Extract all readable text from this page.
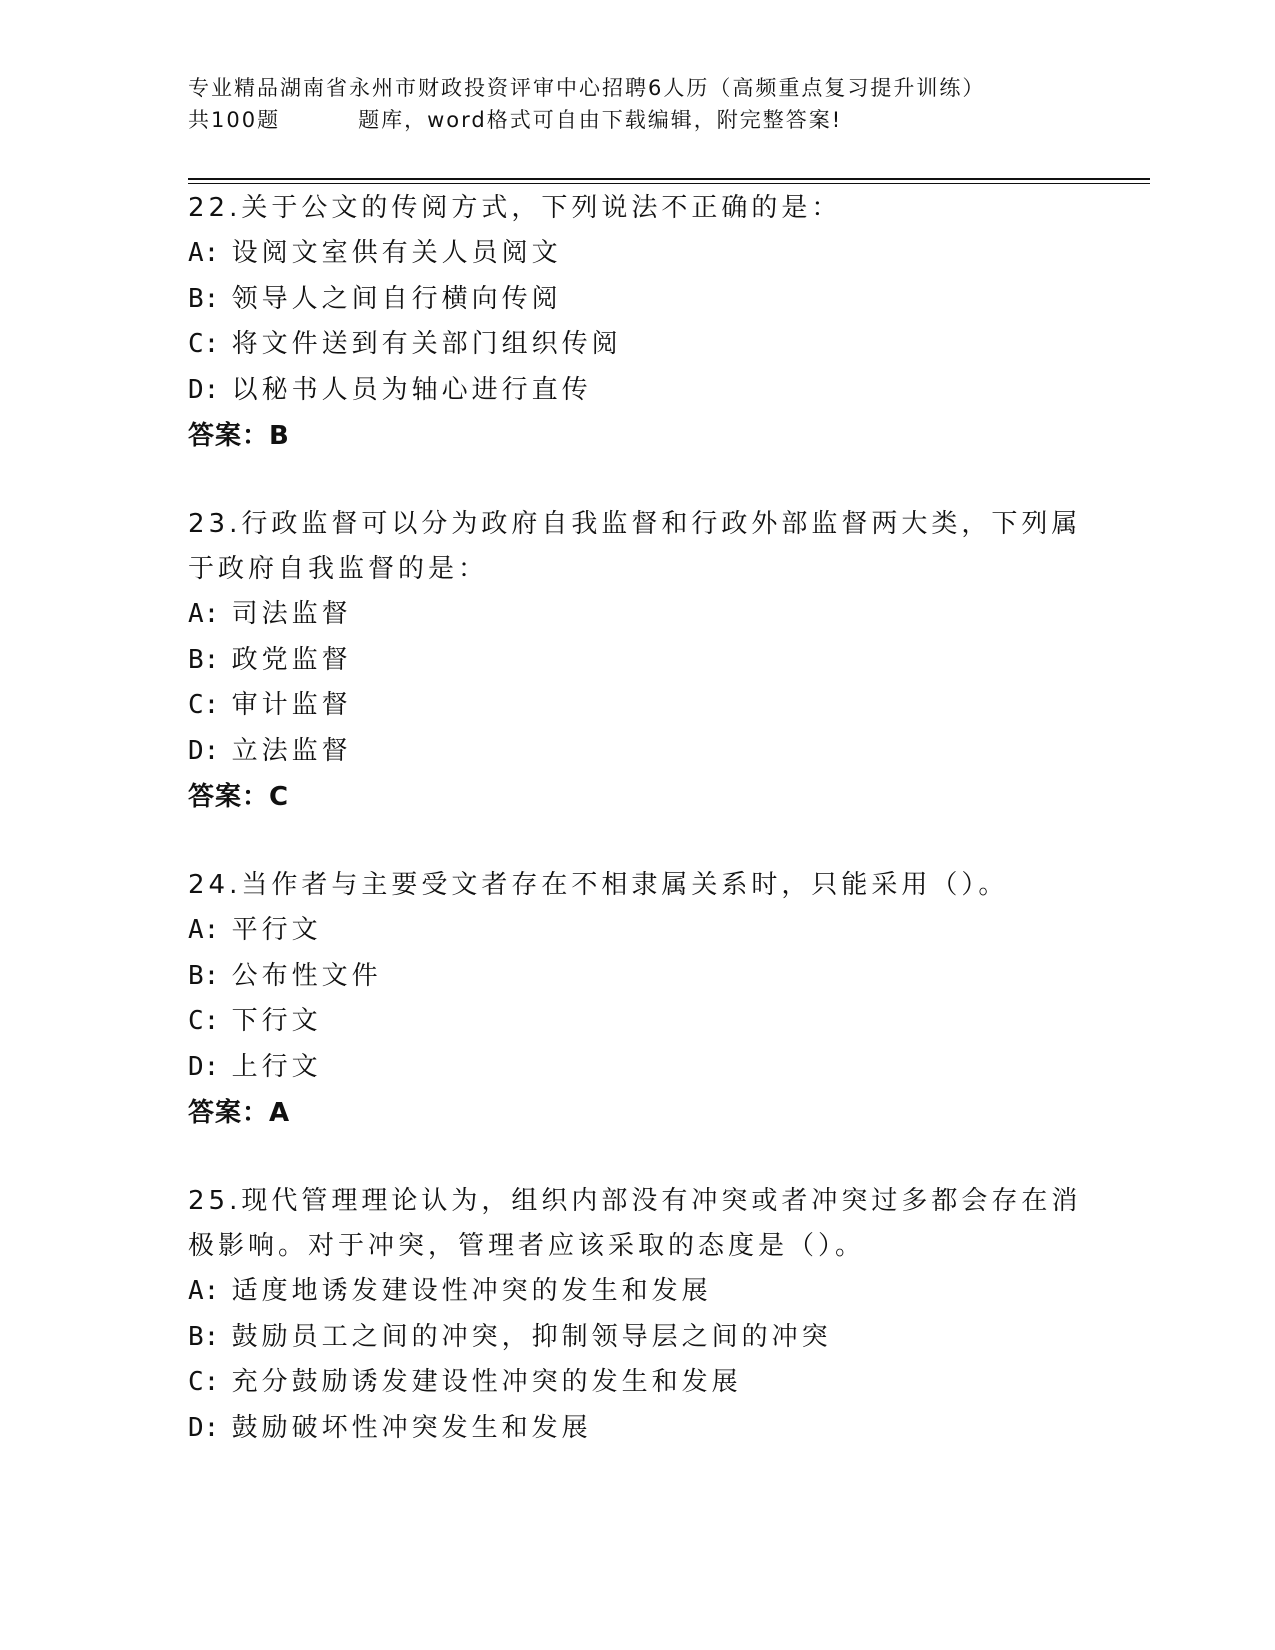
专业精品湖南省永州市财政投资评审中心招聘6人历（高频重点复习提升训练）
共100题	题库，word格式可自由下载编辑，附完整答案!
22.关于公文的传阅方式，下列说法不正确的是：
A: 设阅文室供有关人员阅文
B: 领导人之间自行横向传阅
C: 将文件送到有关部门组织传阅
D: 以秘书人员为轴心进行直传
答案：B
23.行政监督可以分为政府自我监督和行政外部监督两大类，下列属于政府自我监督的是：
A: 司法监督
B: 政党监督
C: 审计监督
D: 立法监督
答案：C
24.当作者与主要受文者存在不相隶属关系时，只能采用（）。
A: 平行文
B: 公布性文件
C: 下行文
D: 上行文
答案：A
25.现代管理理论认为，组织内部没有冲突或者冲突过多都会存在消极影响。对于冲突，管理者应该采取的态度是（）。
A: 适度地诱发建设性冲突的发生和发展
B: 鼓励员工之间的冲突，抑制领导层之间的冲突
C: 充分鼓励诱发建设性冲突的发生和发展
D: 鼓励破坏性冲突发生和发展
